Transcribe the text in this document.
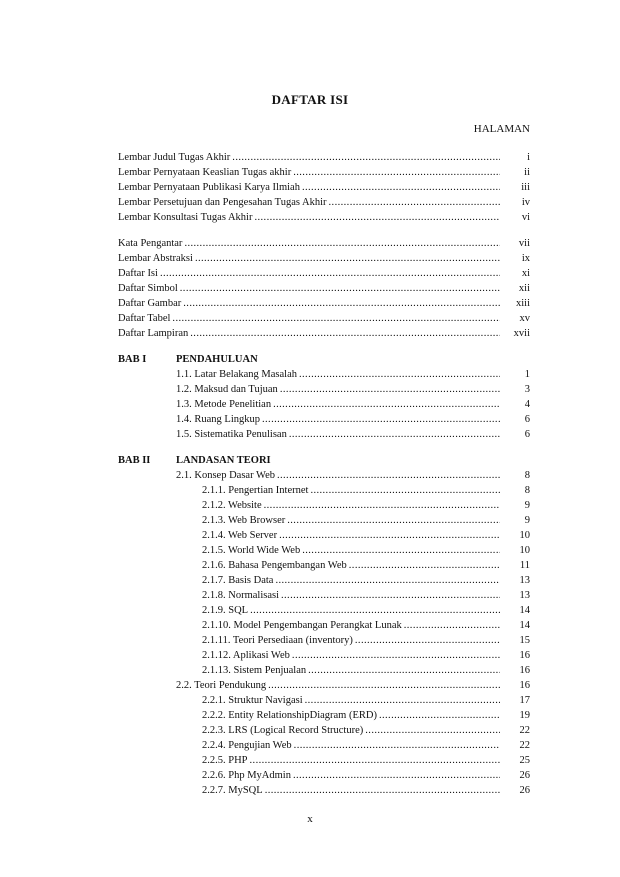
DAFTAR ISI
HALAMAN
Lembar Judul Tugas Akhir .....	i
Lembar Pernyataan Keaslian Tugas akhir .....	ii
Lembar Pernyataan Publikasi Karya Ilmiah .....	iii
Lembar Persetujuan dan Pengesahan Tugas Akhir .....	iv
Lembar Konsultasi Tugas Akhir .....	vi
Kata Pengantar .....	vii
Lembar Abstraksi .....	ix
Daftar Isi .....	xi
Daftar Simbol .....	xii
Daftar Gambar .....	xiii
Daftar Tabel .....	xv
Daftar Lampiran .....	xvii
BAB I	PENDAHULUAN
1.1. Latar Belakang Masalah .....	1
1.2. Maksud dan Tujuan .....	3
1.3. Metode Penelitian .....	4
1.4. Ruang Lingkup .....	6
1.5. Sistematika Penulisan .....	6
BAB II LANDASAN TEORI
2.1. Konsep Dasar Web .....	8
2.1.1. Pengertian Internet .....	8
2.1.2. Website .....	9
2.1.3. Web Browser .....	9
2.1.4. Web Server .....	10
2.1.5. World Wide Web .....	10
2.1.6. Bahasa Pengembangan Web .....	11
2.1.7. Basis Data .....	13
2.1.8. Normalisasi .....	13
2.1.9. SQL .....	14
2.1.10. Model Pengembangan Perangkat Lunak .....	14
2.1.11. Teori Persediaan (inventory) .....	15
2.1.12. Aplikasi Web .....	16
2.1.13. Sistem Penjualan .....	16
2.2. Teori Pendukung .....	16
2.2.1. Struktur Navigasi .....	17
2.2.2. Entity RelationshipDiagram (ERD) .....	19
2.2.3. LRS (Logical Record Structure) .....	22
2.2.4. Pengujian Web .....	22
2.2.5. PHP .....	25
2.2.6. Php MyAdmin .....	26
2.2.7. MySQL .....	26
x
